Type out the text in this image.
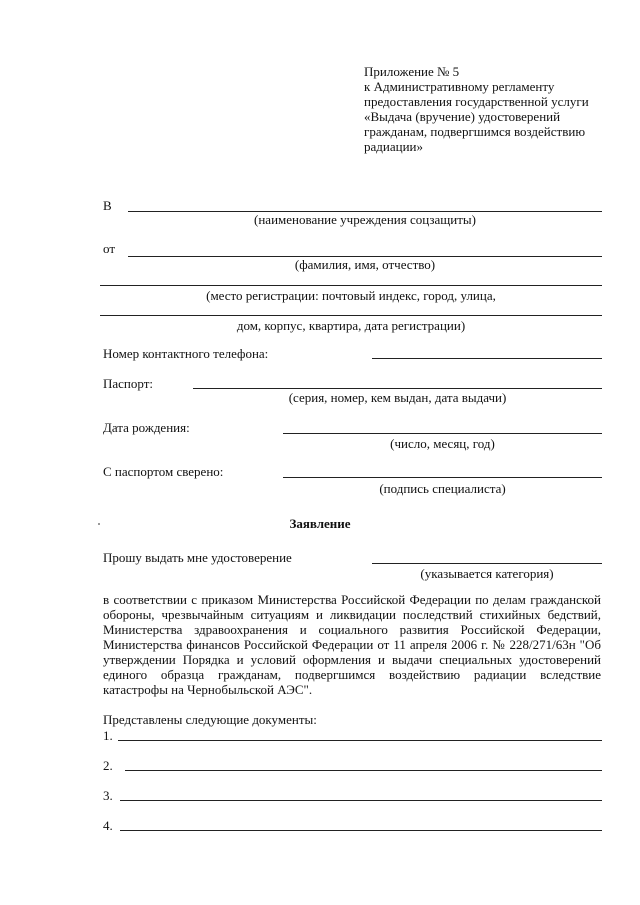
Приложение № 5
к Административному регламенту
предоставления государственной услуги
«Выдача (вручение) удостоверений
гражданам, подвергшимся воздействию
радиации»
В
(наименование учреждения соцзащиты)
от
(фамилия, имя, отчество)
(место регистрации: почтовый индекс, город, улица,
дом, корпус, квартира, дата регистрации)
Номер контактного телефона:
Паспорт:
(серия, номер, кем выдан, дата выдачи)
Дата рождения:
(число, месяц, год)
С паспортом сверено:
(подпись специалиста)
Заявление
Прошу выдать мне удостоверение
(указывается категория)
в соответствии с приказом Министерства Российской Федерации по делам гражданской обороны, чрезвычайным ситуациям и ликвидации последствий стихийных бедствий, Министерства здравоохранения и социального развития Российской Федерации, Министерства финансов Российской Федерации от 11 апреля 2006 г. № 228/271/63н "Об утверждении Порядка и условий оформления и выдачи специальных удостоверений единого образца гражданам, подвергшимся воздействию радиации вследствие катастрофы на Чернобыльской АЭС".
Представлены следующие документы:
1.
2.
3.
4.
